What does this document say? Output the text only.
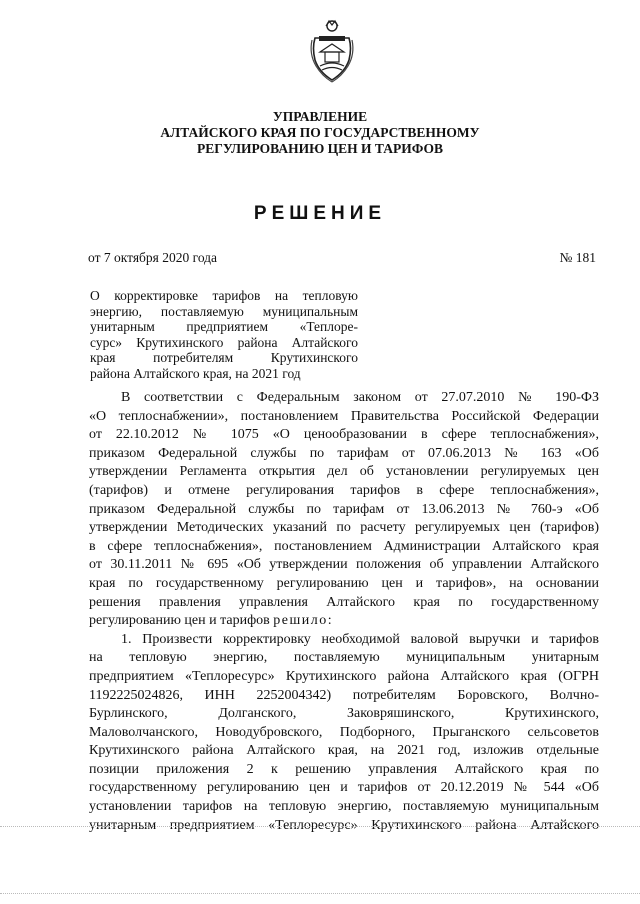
УПРАВЛЕНИЕ
АЛТАЙСКОГО КРАЯ ПО ГОСУДАРСТВЕННОМУ
РЕГУЛИРОВАНИЮ ЦЕН И ТАРИФОВ
РЕШЕНИЕ
от 7 октября 2020 года	№ 181
О корректировке тарифов на тепловую
энергию, поставляемую муниципальным
унитарным предприятием «Теплоре-
сурс» Крутихинского района Алтайского
края потребителям Крутихинского
района Алтайского края, на 2021 год
В соответствии с Федеральным законом от 27.07.2010 № 190-ФЗ
«О теплоснабжении», постановлением Правительства Российской Федерации
от 22.10.2012 № 1075 «О ценообразовании в сфере теплоснабжения»,
приказом Федеральной службы по тарифам от 07.06.2013 № 163 «Об
утверждении Регламента открытия дел об установлении регулируемых цен
(тарифов) и отмене регулирования тарифов в сфере теплоснабжения»,
приказом Федеральной службы по тарифам от 13.06.2013 № 760-э «Об
утверждении Методических указаний по расчету регулируемых цен (тарифов)
в сфере теплоснабжения», постановлением Администрации Алтайского края
от 30.11.2011 № 695 «Об утверждении положения об управлении Алтайского
края по государственному регулированию цен и тарифов», на основании
решения правления управления Алтайского края по государственному
регулированию цен и тарифов решило:
1. Произвести корректировку необходимой валовой выручки и тарифов
на тепловую энергию, поставляемую муниципальным унитарным
предприятием «Теплоресурс» Крутихинского района Алтайского края (ОГРН
1192225024826, ИНН 2252004342) потребителям Боровского, Волчно-
Бурлинского, Долганского, Заковряшинского, Крутихинского,
Маловолчанского, Новодубровского, Подборного, Прыганского сельсоветов
Крутихинского района Алтайского края, на 2021 год, изложив отдельные
позиции приложения 2 к решению управления Алтайского края по
государственному регулированию цен и тарифов от 20.12.2019 № 544 «Об
установлении тарифов на тепловую энергию, поставляемую муниципальным
унитарным предприятием «Теплоресурс» Крутихинского района Алтайского
